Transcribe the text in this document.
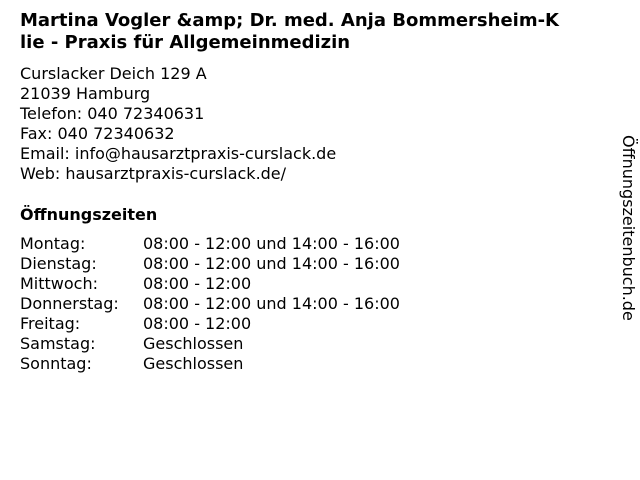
Martina Vogler &amp; Dr. med. Anja Bommersheim-K
lie - Praxis für Allgemeinmedizin
Curslacker Deich 129 A
21039 Hamburg
Telefon: 040 72340631
Fax: 040 72340632
Email: info@hausarztpraxis-curslack.de
Web: hausarztpraxis-curslack.de/
Öffnungszeiten
Montag:	08:00 - 12:00 und 14:00 - 16:00
Dienstag:	08:00 - 12:00 und 14:00 - 16:00
Mittwoch:	08:00 - 12:00
Donnerstag: 08:00 - 12:00 und 14:00 - 16:00
Freitag:	08:00 - 12:00
Samstag:	Geschlossen
Sonntag:	Geschlossen
Öffnungszeitenbuch.de
